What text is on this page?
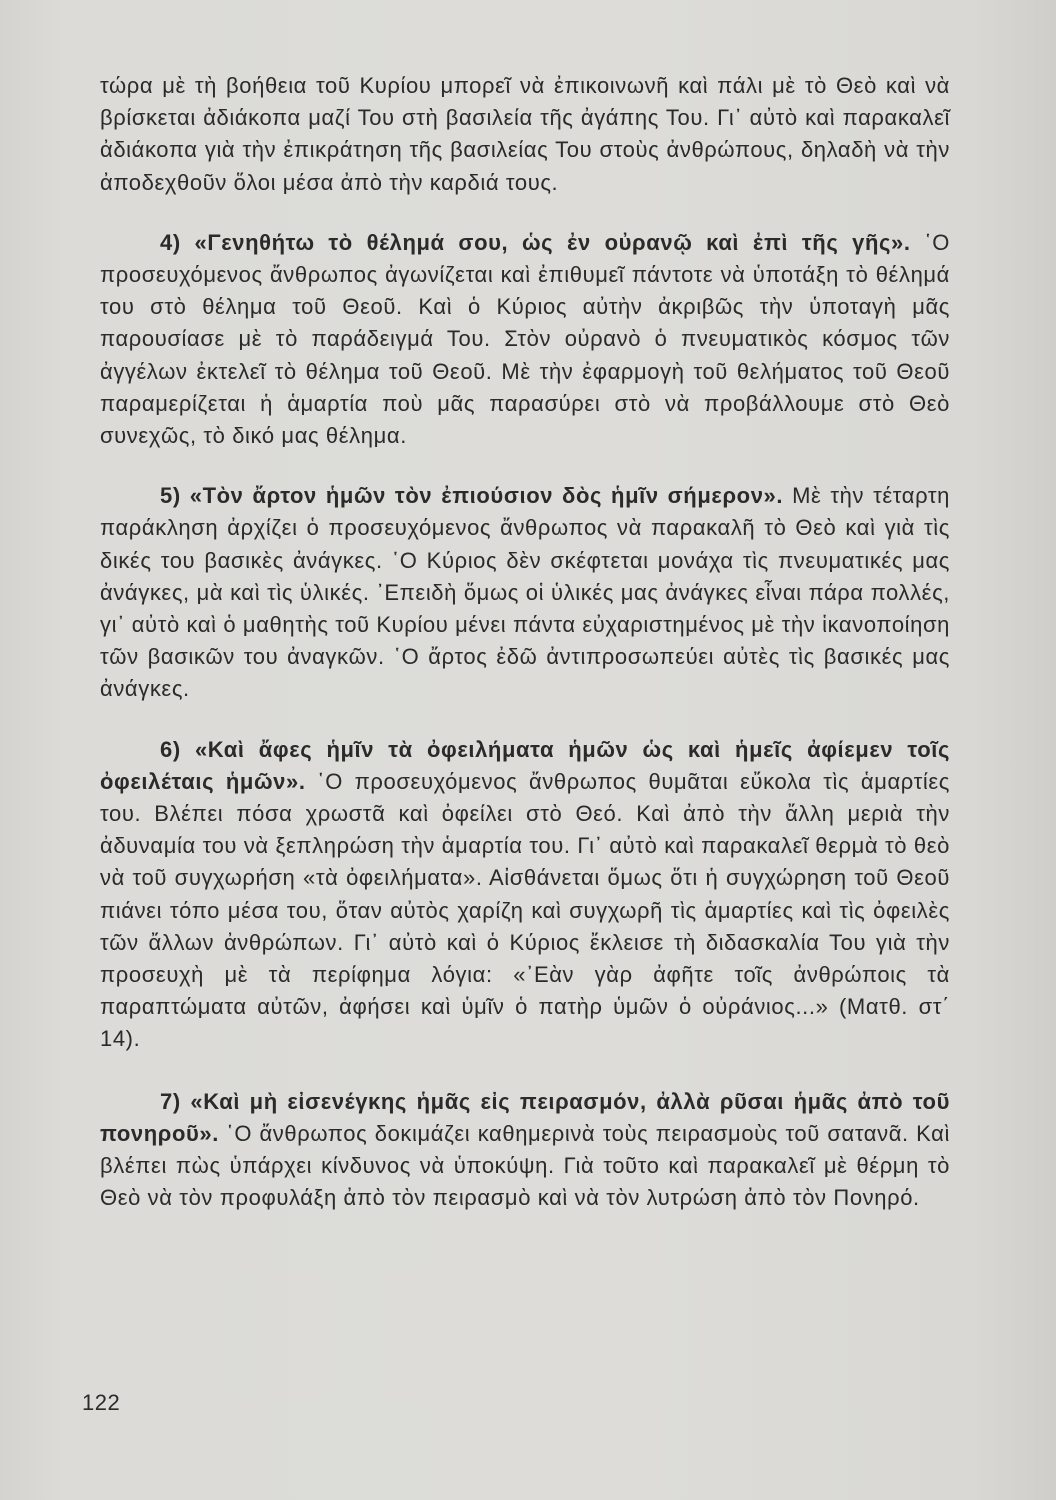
τώρα μὲ τὴ βοήθεια τοῦ Κυρίου μπορεῖ νὰ ἐπικοινωνῆ καὶ πάλι μὲ τὸ Θεὸ καὶ νὰ βρίσκεται ἀδιάκοπα μαζί Του στὴ βασιλεία τῆς ἀγάπης Του. Γι᾿ αὐτὸ καὶ παρακαλεῖ ἀδιάκοπα γιὰ τὴν ἐπικράτηση τῆς βασιλείας Του στοὺς ἀνθρώπους, δηλαδὴ νὰ τὴν ἀποδεχθοῦν ὅλοι μέσα ἀπὸ τὴν καρδιά τους.

4) «Γενηθήτω τὸ θέλημά σου, ὡς ἐν οὐρανῷ καὶ ἐπὶ τῆς γῆς». ῾Ο προσευχόμενος ἄνθρωπος ἀγωνίζεται καὶ ἐπιθυμεῖ πάντοτε νὰ ὑποτάξη τὸ θέλημά του στὸ θέλημα τοῦ Θεοῦ. Καὶ ὁ Κύριος αὐτὴν ἀκριβῶς τὴν ὑποταγὴ μᾶς παρουσίασε μὲ τὸ παράδειγμά Του. Στὸν οὐρανὸ ὁ πνευματικὸς κόσμος τῶν ἀγγέλων ἐκτελεῖ τὸ θέλημα τοῦ Θεοῦ. Μὲ τὴν ἐφαρμογὴ τοῦ θελήματος τοῦ Θεοῦ παραμερίζεται ἡ ἁμαρτία ποὺ μᾶς παρασύρει στὸ νὰ προβάλλουμε στὸ Θεὸ συνεχῶς, τὸ δικό μας θέλημα.

5) «Τὸν ἄρτον ἡμῶν τὸν ἐπιούσιον δὸς ἡμῖν σήμερον». Μὲ τὴν τέταρτη παράκληση ἀρχίζει ὁ προσευχόμενος ἄνθρωπος νὰ παρακαλῆ τὸ Θεὸ καὶ γιὰ τὶς δικές του βασικὲς ἀνάγκες. ῾Ο Κύριος δὲν σκέφτεται μονάχα τὶς πνευματικές μας ἀνάγκες, μὰ καὶ τὶς ὑλικές. ᾿Επειδὴ ὅμως οἱ ὑλικές μας ἀνάγκες εἶναι πάρα πολλές, γι᾿ αὐτὸ καὶ ὁ μαθητὴς τοῦ Κυρίου μένει πάντα εὐχαριστημένος μὲ τὴν ἱκανοποίηση τῶν βασικῶν του ἀναγκῶν. ῾Ο ἄρτος ἐδῶ ἀντιπροσωπεύει αὐτὲς τὶς βασικές μας ἀνάγκες.

6) «Καὶ ἄφες ἡμῖν τὰ ὀφειλήματα ἡμῶν ὡς καὶ ἡμεῖς ἀφίεμεν τοῖς ὀφειλέταις ἡμῶν». ῾Ο προσευχόμενος ἄνθρωπος θυμᾶται εὔκολα τὶς ἁμαρτίες του. Βλέπει πόσα χρωστᾶ καὶ ὀφείλει στὸ Θεό. Καὶ ἀπὸ τὴν ἄλλη μεριὰ τὴν ἀδυναμία του νὰ ξεπληρώση τὴν ἁμαρτία του. Γι᾿ αὐτὸ καὶ παρακαλεῖ θερμὰ τὸ θεὸ νὰ τοῦ συγχωρήση «τὰ ὀφειλήματα». Αἰσθάνεται ὅμως ὅτι ἡ συγχώρηση τοῦ Θεοῦ πιάνει τόπο μέσα του, ὅταν αὐτὸς χαρίζη καὶ συγχωρῆ τὶς ἁμαρτίες καὶ τὶς ὀφειλὲς τῶν ἄλλων ἀνθρώπων. Γι᾿ αὐτὸ καὶ ὁ Κύριος ἔκλεισε τὴ διδασκαλία Του γιὰ τὴν προσευχὴ μὲ τὰ περίφημα λόγια: «᾿Εὰν γὰρ ἀφῆτε τοῖς ἀνθρώποις τὰ παραπτώματα αὐτῶν, ἀφήσει καὶ ὑμῖν ὁ πατὴρ ὑμῶν ὁ οὐράνιος...» (Ματθ. στ΄ 14).

7) «Καὶ μὴ εἰσενέγκης ἡμᾶς εἰς πειρασμόν, ἀλλὰ ρῦσαι ἡμᾶς ἀπὸ τοῦ πονηροῦ». ῾Ο ἄνθρωπος δοκιμάζει καθημερινὰ τοὺς πειρασμοὺς τοῦ σατανᾶ. Καὶ βλέπει πὼς ὑπάρχει κίνδυνος νὰ ὑποκύψη. Γιὰ τοῦτο καὶ παρακαλεῖ μὲ θέρμη τὸ Θεὸ νὰ τὸν προφυλάξη ἀπὸ τὸν πειρασμὸ καὶ νὰ τὸν λυτρώση ἀπὸ τὸν Πονηρό.

122
